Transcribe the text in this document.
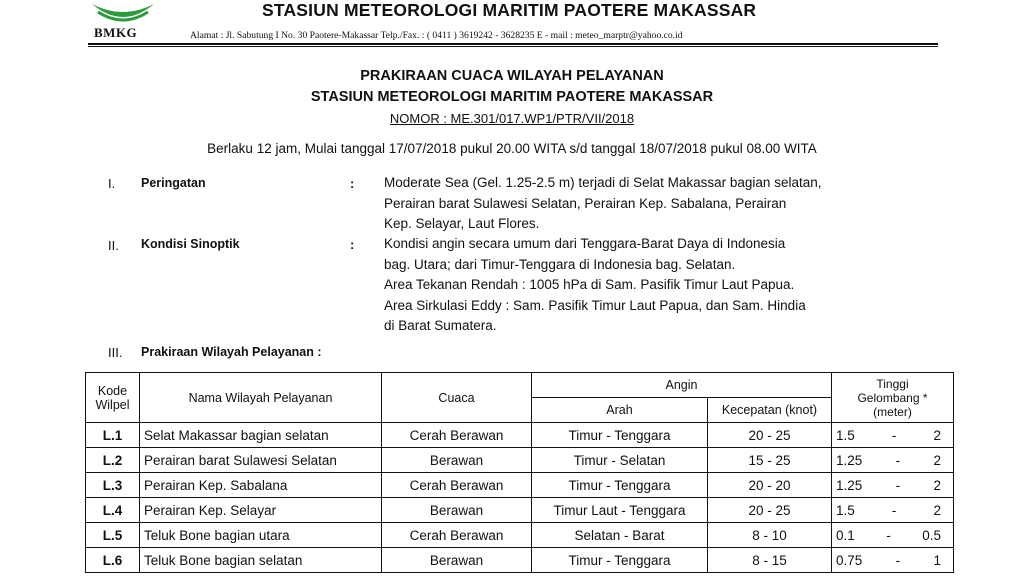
BMKG
STASIUN METEOROLOGI MARITIM PAOTERE MAKASSAR
Alamat : Jl. Sabutung I No. 30 Paotere-Makassar Telp./Fax. : ( 0411 ) 3619242 - 3628235 E - mail : meteo_marptr@yahoo.co.id
PRAKIRAAN CUACA WILAYAH PELAYANAN
STASIUN METEOROLOGI MARITIM PAOTERE MAKASSAR
NOMOR : ME.301/017.WP1/PTR/VII/2018
Berlaku 12 jam, Mulai tanggal 17/07/2018 pukul 20.00 WITA s/d tanggal 18/07/2018 pukul 08.00 WITA
I. Peringatan	: Moderate Sea (Gel. 1.25-2.5 m) terjadi di Selat Makassar bagian selatan,
Perairan barat Sulawesi Selatan, Perairan Kep. Sabalana, Perairan
Kep. Selayar, Laut Flores.
II. Kondisi Sinoptik	: Kondisi angin secara umum dari Tenggara-Barat Daya di Indonesia
bag. Utara; dari Timur-Tenggara di Indonesia bag. Selatan.
Area Tekanan Rendah : 1005 hPa di Sam. Pasifik Timur Laut Papua.
Area Sirkulasi Eddy : Sam. Pasifik Timur Laut Papua, dan Sam. Hindia
di Barat Sumatera.
III. Prakiraan Wilayah Pelayanan :
Kode
Wilpel	Nama Wilayah Pelayanan	Cuaca	Angin		Tinggi
Gelombang *
(meter)
			Arah	Kecepatan (knot)	
L.1	Selat Makassar bagian selatan	Cerah Berawan	Timur - Tenggara	20 - 25	1.5 - 2

L.2	Perairan barat Sulawesi Selatan	Berawan	Timur - Selatan	15 - 25	1.25 - 2

L.3	Perairan Kep. Sabalana	Cerah Berawan	Timur - Tenggara	20 - 20	1.25 - 2

L.4	Perairan Kep. Selayar	Berawan	Timur Laut - Tenggara	20 - 25	1.5 - 2

L.5	Teluk Bone bagian utara	Cerah Berawan	Selatan - Barat	8 - 10	0.1 - 0.5

L.6	Teluk Bone bagian selatan	Berawan	Timur - Tenggara	8 - 15	0.75 - 1
